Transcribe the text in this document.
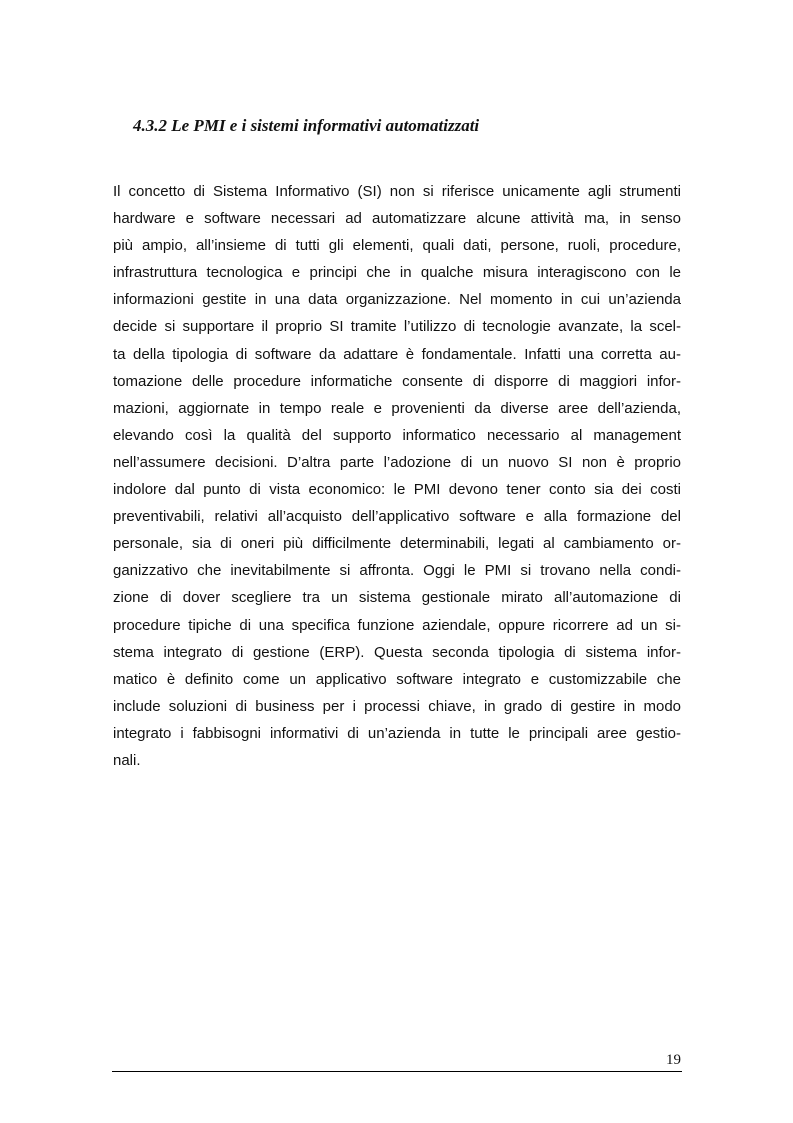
4.3.2 Le PMI e i sistemi informativi automatizzati
Il concetto di Sistema Informativo (SI) non si riferisce unicamente agli strumenti
hardware e software necessari ad automatizzare alcune attività ma, in senso
più ampio, all’insieme di tutti gli elementi, quali dati, persone, ruoli, procedure,
infrastruttura tecnologica e principi che in qualche misura interagiscono con le
informazioni gestite in una data organizzazione. Nel momento in cui un’azienda
decide si supportare il proprio SI tramite l’utilizzo di tecnologie avanzate, la scel-
ta della tipologia di software da adattare è fondamentale. Infatti una corretta au-
tomazione delle procedure informatiche consente di disporre di maggiori infor-
mazioni, aggiornate in tempo reale e provenienti da diverse aree dell’azienda,
elevando così la qualità del supporto informatico necessario al management
nell’assumere decisioni. D’altra parte l’adozione di un nuovo SI non è proprio
indolore dal punto di vista economico: le PMI devono tener conto sia dei costi
preventivabili, relativi all’acquisto dell’applicativo software e alla formazione del
personale, sia di oneri più difficilmente determinabili, legati al cambiamento or-
ganizzativo che inevitabilmente si affronta. Oggi le PMI si trovano nella condi-
zione di dover scegliere tra un sistema gestionale mirato all’automazione di
procedure tipiche di una specifica funzione aziendale, oppure ricorrere ad un si-
stema integrato di gestione (ERP). Questa seconda tipologia di sistema infor-
matico è definito come un applicativo software integrato e customizzabile che
include soluzioni di business per i processi chiave, in grado di gestire in modo
integrato i fabbisogni informativi di un’azienda in tutte le principali aree gestio-
nali.
19
